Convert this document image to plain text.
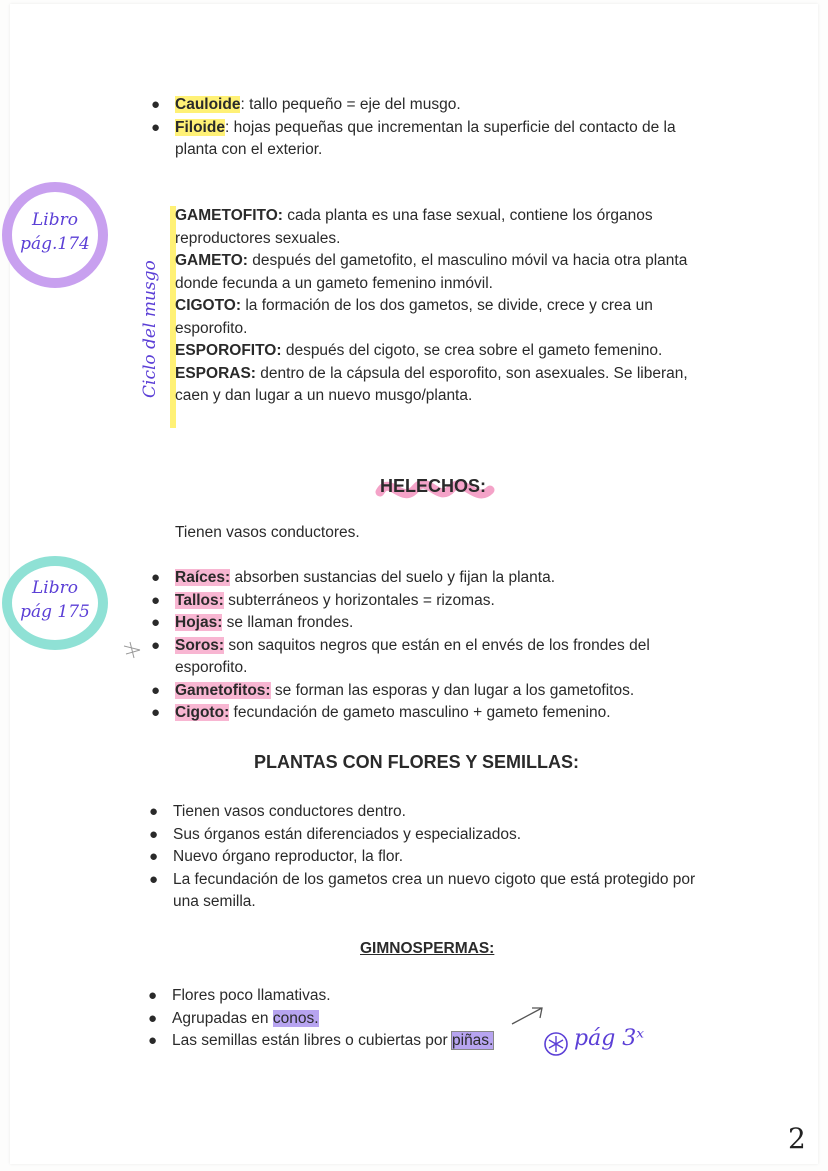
● Cauloide: tallo pequeño = eje del musgo.
● Filoide: hojas pequeñas que incrementan la superficie del contacto de la planta con el exterior.
Libro
pág.174
Ciclo del musgo
GAMETOFITO: cada planta es una fase sexual, contiene los órganos reproductores sexuales.
GAMETO: después del gametofito, el masculino móvil va hacia otra planta donde fecunda a un gameto femenino inmóvil.
CIGOTO: la formación de los dos gametos, se divide, crece y crea un esporofito.
ESPOROFITO: después del cigoto, se crea sobre el gameto femenino.
ESPORAS: dentro de la cápsula del esporofito, son asexuales. Se liberan, caen y dan lugar a un nuevo musgo/planta.
HELECHOS:
Tienen vasos conductores.
Libro
pág 175
● Raíces: absorben sustancias del suelo y fijan la planta.
● Tallos: subterráneos y horizontales = rizomas.
● Hojas: se llaman frondes.
● Soros: son saquitos negros que están en el envés de los frondes del esporofito.
● Gametofitos: se forman las esporas y dan lugar a los gametofitos.
● Cigoto: fecundación de gameto masculino + gameto femenino.
PLANTAS CON FLORES Y SEMILLAS:
● Tienen vasos conductores dentro.
● Sus órganos están diferenciados y especializados.
● Nuevo órgano reproductor, la flor.
● La fecundación de los gametos crea un nuevo cigoto que está protegido por una semilla.
GIMNOSPERMAS:
● Flores poco llamativas.
● Agrupadas en conos.
● Las semillas están libres o cubiertas por piñas.	pág 3ˣ
2
